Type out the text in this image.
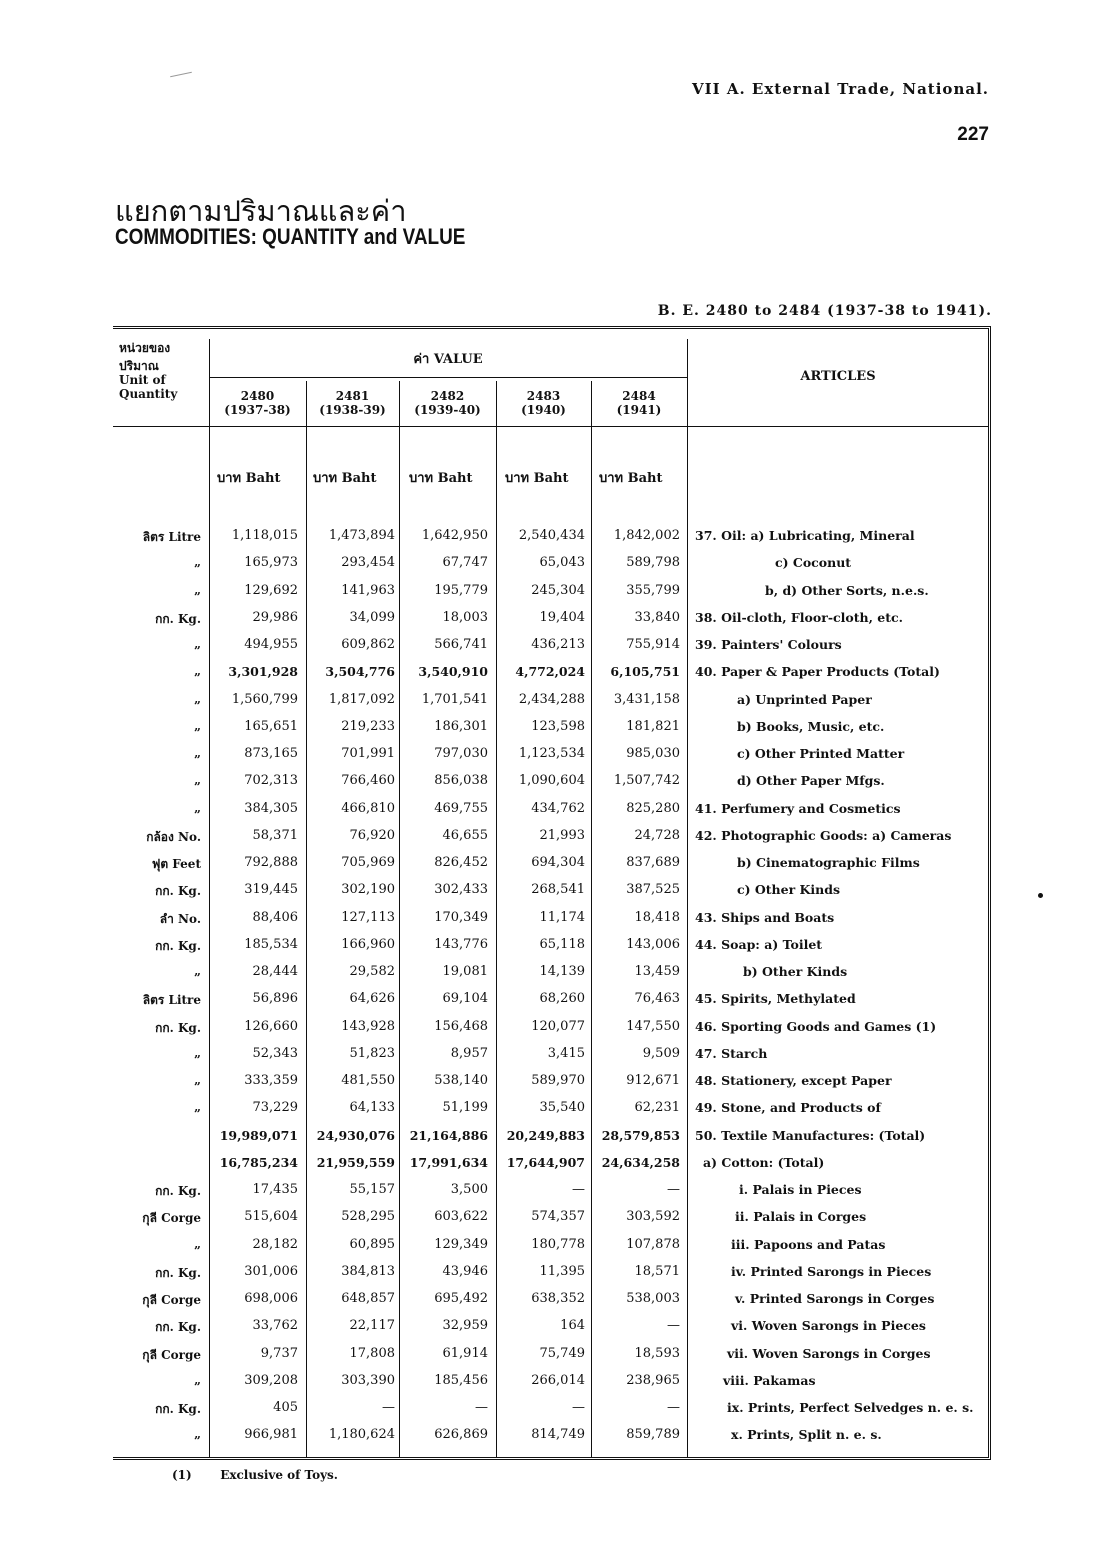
VII A. External Trade, National.
227
แยกตามปริมาณและค่า
COMMODITIES: QUANTITY and VALUE
B. E. 2480 to 2484 (1937-38 to 1941).
หน่วยของ
ปริมาณ
Unit of
Quantity
ค่า VALUE
ARTICLES
2480
(1937-38)
2481
(1938-39)
2482
(1939-40)
2483
(1940)
2484
(1941)
บาท Baht บาท Baht บาท Baht บาท Baht บาท Baht
ลิตร Litre	1,118,015	1,473,894	1,642,950	2,540,434	1,842,002 37. Oil: a) Lubricating, Mineral
„	165,973	293,454	67,747	65,043	589,798	c) Coconut
„	129,692	141,963	195,779	245,304	355,799	b, d) Other Sorts, n.e.s.
กก. Kg.	29,986	34,099	18,003	19,404	33,840 38. Oil-cloth, Floor-cloth, etc.
„	494,955	609,862	566,741	436,213	755,914 39. Painters' Colours
„	3,301,928	3,504,776	3,540,910	4,772,024	6,105,751 40. Paper & Paper Products (Total)
„	1,560,799	1,817,092	1,701,541	2,434,288	3,431,158	a) Unprinted Paper
„	165,651	219,233	186,301	123,598	181,821	b) Books, Music, etc.
„	873,165	701,991	797,030	1,123,534	985,030	c) Other Printed Matter
„	702,313	766,460	856,038	1,090,604	1,507,742	d) Other Paper Mfgs.
„	384,305	466,810	469,755	434,762	825,280 41. Perfumery and Cosmetics
กล้อง No.	58,371	76,920	46,655	21,993	24,728 42. Photographic Goods: a) Cameras
ฟุต Feet	792,888	705,969	826,452	694,304	837,689	b) Cinematographic Films
กก. Kg.	319,445	302,190	302,433	268,541	387,525	c) Other Kinds
ลำ No.	88,406	127,113	170,349	11,174	18,418 43. Ships and Boats
กก. Kg.	185,534	166,960	143,776	65,118	143,006 44. Soap: a) Toilet
„	28,444	29,582	19,081	14,139	13,459	b) Other Kinds
ลิตร Litre	56,896	64,626	69,104	68,260	76,463 45. Spirits, Methylated
กก. Kg.	126,660	143,928	156,468	120,077	147,550 46. Sporting Goods and Games (1)
„	52,343	51,823	8,957	3,415	9,509 47. Starch
„	333,359	481,550	538,140	589,970	912,671 48. Stationery, except Paper
„	73,229	64,133	51,199	35,540	62,231 49. Stone, and Products of
19,989,071	24,930,076	21,164,886	20,249,883	28,579,853 50. Textile Manufactures: (Total)
16,785,234	21,959,559	17,991,634	17,644,907	24,634,258	a) Cotton: (Total)
กก. Kg.	17,435	55,157	3,500	—	—	i. Palais in Pieces
กุลี Corge	515,604	528,295	603,622	574,357	303,592	ii. Palais in Corges
„	28,182	60,895	129,349	180,778	107,878	iii. Papoons and Patas
กก. Kg.	301,006	384,813	43,946	11,395	18,571	iv. Printed Sarongs in Pieces
กุลี Corge	698,006	648,857	695,492	638,352	538,003	v. Printed Sarongs in Corges
กก. Kg.	33,762	22,117	32,959	164	—	vi. Woven Sarongs in Pieces
กุลี Corge	9,737	17,808	61,914	75,749	18,593	vii. Woven Sarongs in Corges
„	309,208	303,390	185,456	266,014	238,965	viii. Pakamas
กก. Kg.	405	—	—	—	—	ix. Prints, Perfect Selvedges n. e. s.
„	966,981	1,180,624	626,869	814,749	859,789	x. Prints, Split n. e. s.
(1) Exclusive of Toys.
